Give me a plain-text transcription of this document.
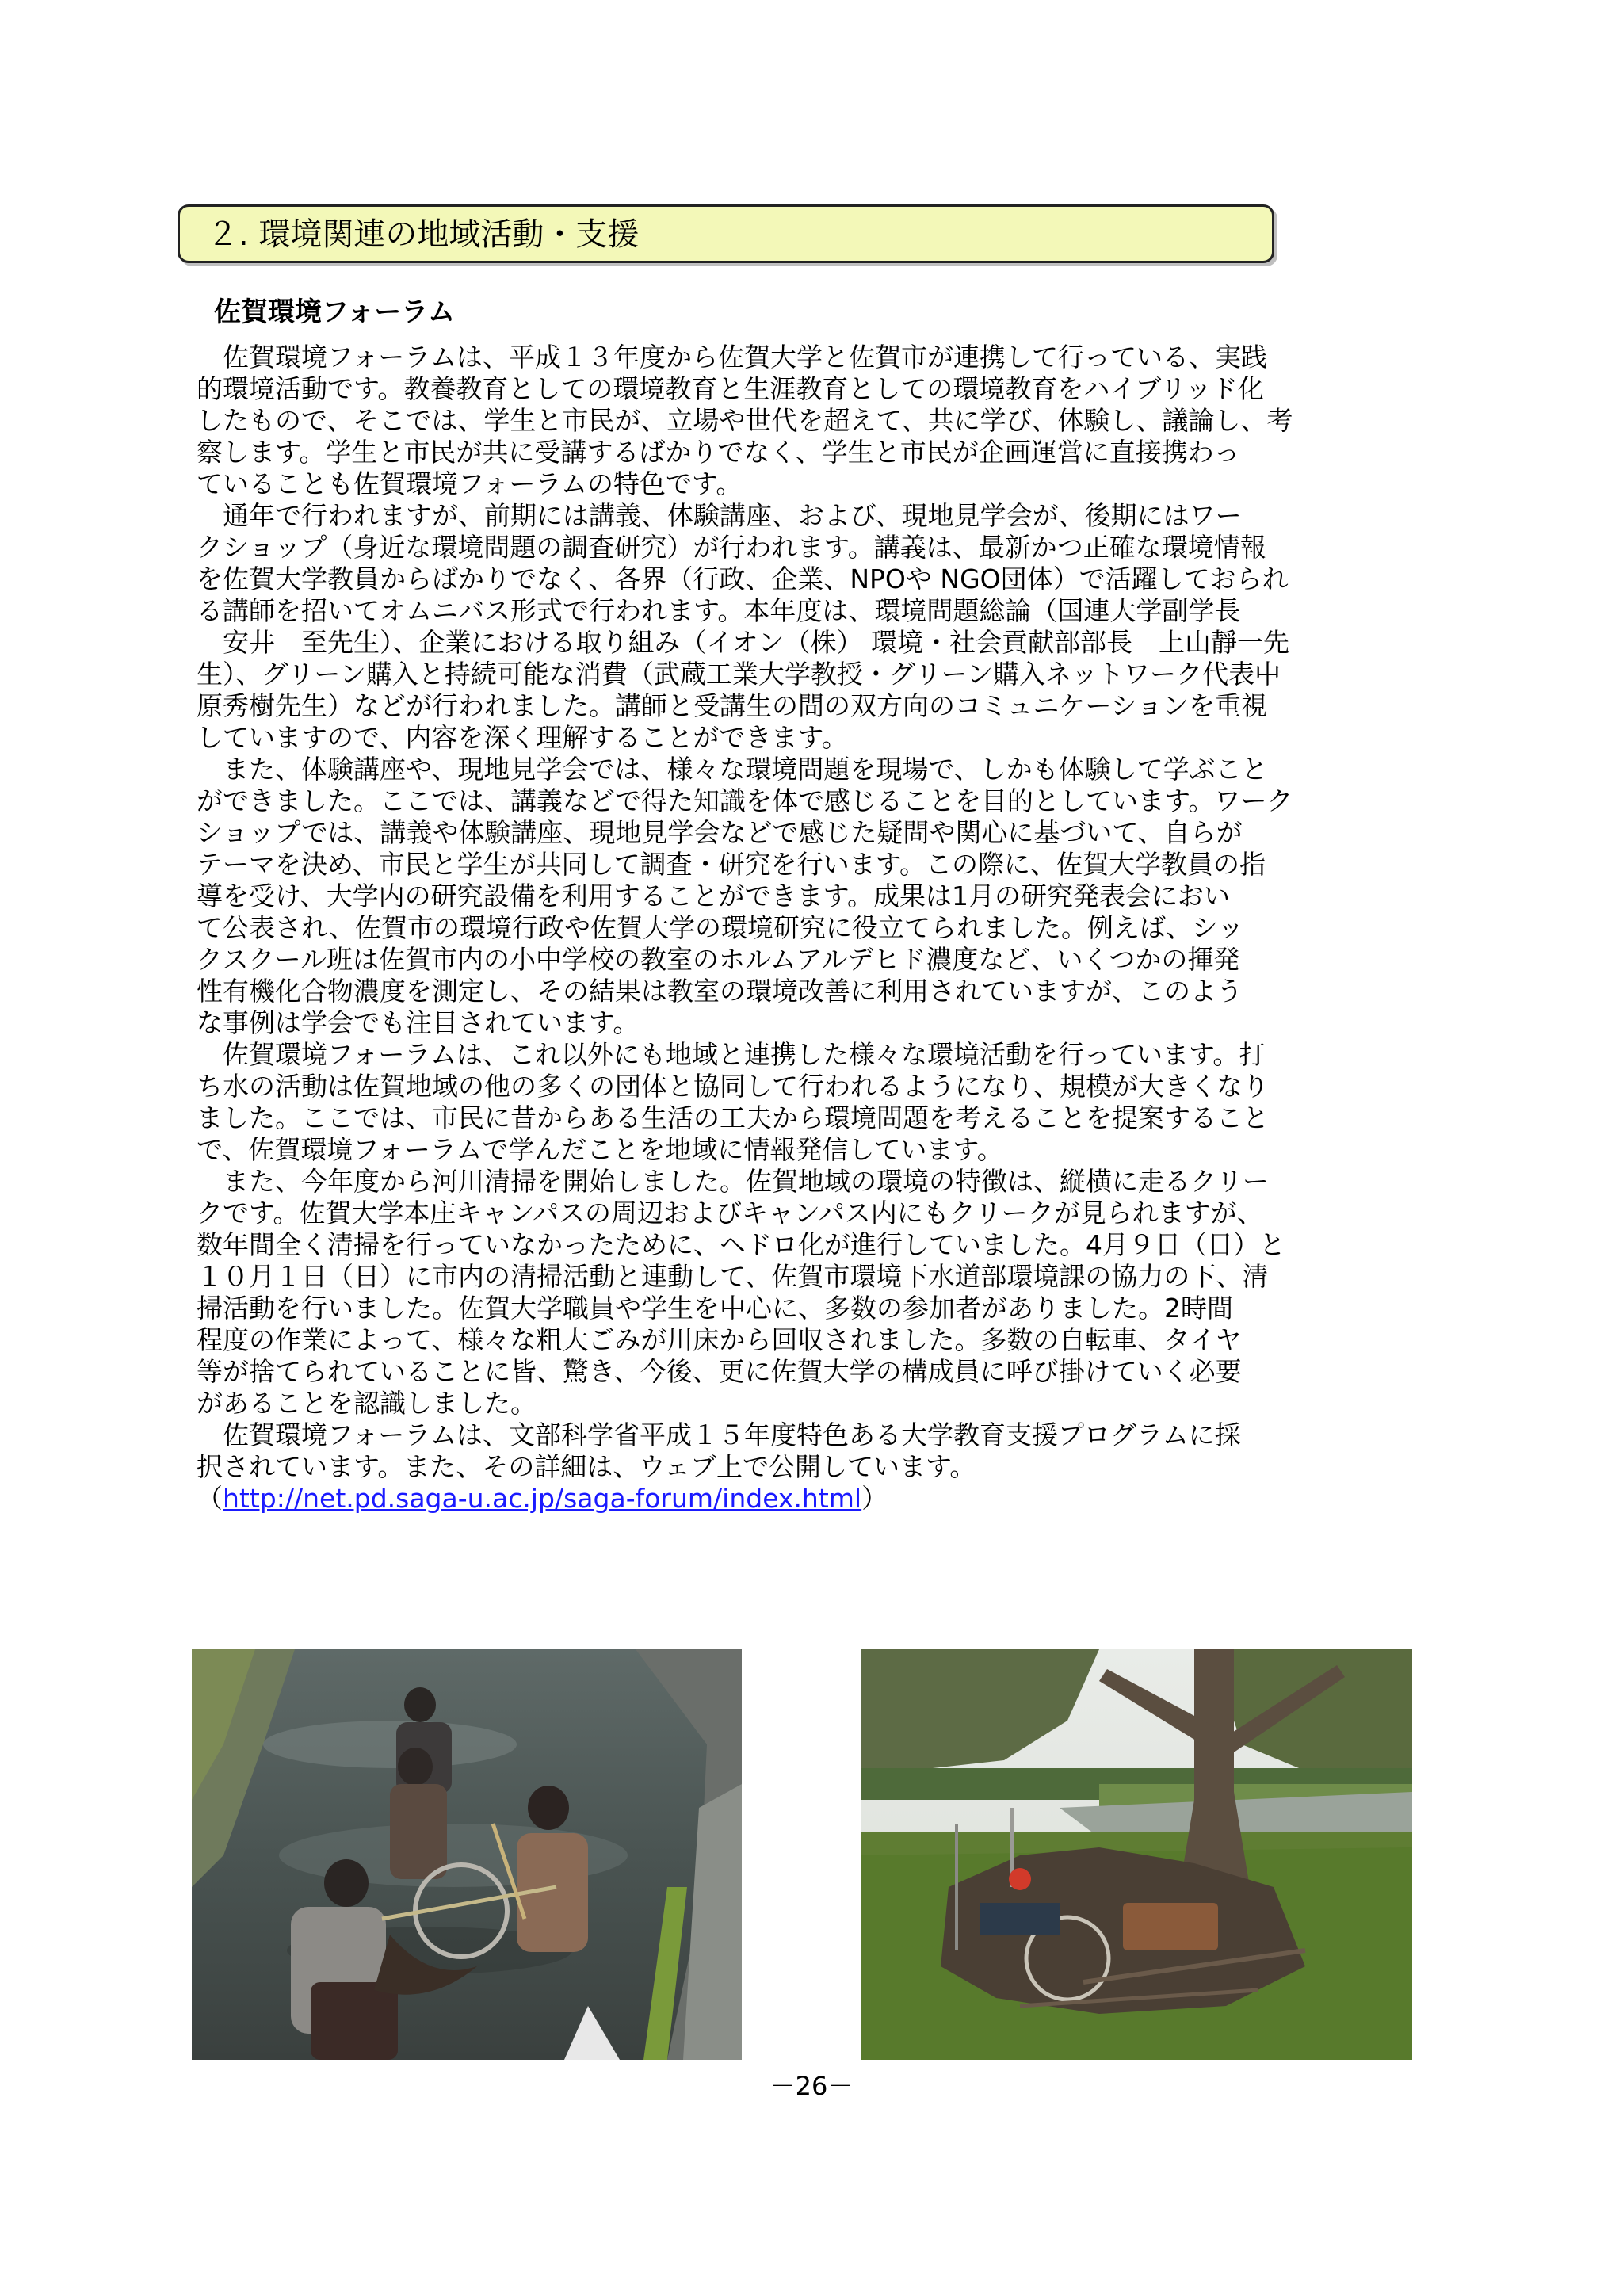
２. 環境関連の地域活動・支援
佐賀環境フォーラム
　佐賀環境フォーラムは、平成１３年度から佐賀大学と佐賀市が連携して行っている、実践
的環境活動です。教養教育としての環境教育と生涯教育としての環境教育をハイブリッド化
したもので、そこでは、学生と市民が、立場や世代を超えて、共に学び、体験し、議論し、考
察します。学生と市民が共に受講するばかりでなく、学生と市民が企画運営に直接携わっ
ていることも佐賀環境フォーラムの特色です。
　通年で行われますが、前期には講義、体験講座、および、現地見学会が、後期にはワー
クショップ（身近な環境問題の調査研究）が行われます。講義は、最新かつ正確な環境情報
を佐賀大学教員からばかりでなく、各界（行政、企業、NPOや NGO団体）で活躍しておられ
る講師を招いてオムニバス形式で行われます。本年度は、環境問題総論（国連大学副学長
　安井　至先生）、企業における取り組み（イオン（株） 環境・社会貢献部部長　上山靜一先
生）、グリーン購入と持続可能な消費（武蔵工業大学教授・グリーン購入ネットワーク代表中
原秀樹先生）などが行われました。講師と受講生の間の双方向のコミュニケーションを重視
していますので、内容を深く理解することができます。
　また、体験講座や、現地見学会では、様々な環境問題を現場で、しかも体験して学ぶこと
ができました。ここでは、講義などで得た知識を体で感じることを目的としています。ワーク
ショップでは、講義や体験講座、現地見学会などで感じた疑問や関心に基づいて、自らが
テーマを決め、市民と学生が共同して調査・研究を行います。この際に、佐賀大学教員の指
導を受け、大学内の研究設備を利用することができます。成果は1月の研究発表会におい
て公表され、佐賀市の環境行政や佐賀大学の環境研究に役立てられました。例えば、シッ
クスクール班は佐賀市内の小中学校の教室のホルムアルデヒド濃度など、いくつかの揮発
性有機化合物濃度を測定し、その結果は教室の環境改善に利用されていますが、このよう
な事例は学会でも注目されています。
　佐賀環境フォーラムは、これ以外にも地域と連携した様々な環境活動を行っています。打
ち水の活動は佐賀地域の他の多くの団体と協同して行われるようになり、規模が大きくなり
ました。ここでは、市民に昔からある生活の工夫から環境問題を考えることを提案すること
で、佐賀環境フォーラムで学んだことを地域に情報発信しています。
　また、今年度から河川清掃を開始しました。佐賀地域の環境の特徴は、縦横に走るクリー
クです。佐賀大学本庄キャンパスの周辺およびキャンパス内にもクリークが見られますが、
数年間全く清掃を行っていなかったために、ヘドロ化が進行していました。4月９日（日）と
１０月１日（日）に市内の清掃活動と連動して、佐賀市環境下水道部環境課の協力の下、清
掃活動を行いました。佐賀大学職員や学生を中心に、多数の参加者がありました。2時間
程度の作業によって、様々な粗大ごみが川床から回収されました。多数の自転車、タイヤ
等が捨てられていることに皆、驚き、今後、更に佐賀大学の構成員に呼び掛けていく必要
があることを認識しました。
　佐賀環境フォーラムは、文部科学省平成１５年度特色ある大学教育支援プログラムに採
択されています。また、その詳細は、ウェブ上で公開しています。
（http://net.pd.saga-u.ac.jp/saga-forum/index.html）
－26－
